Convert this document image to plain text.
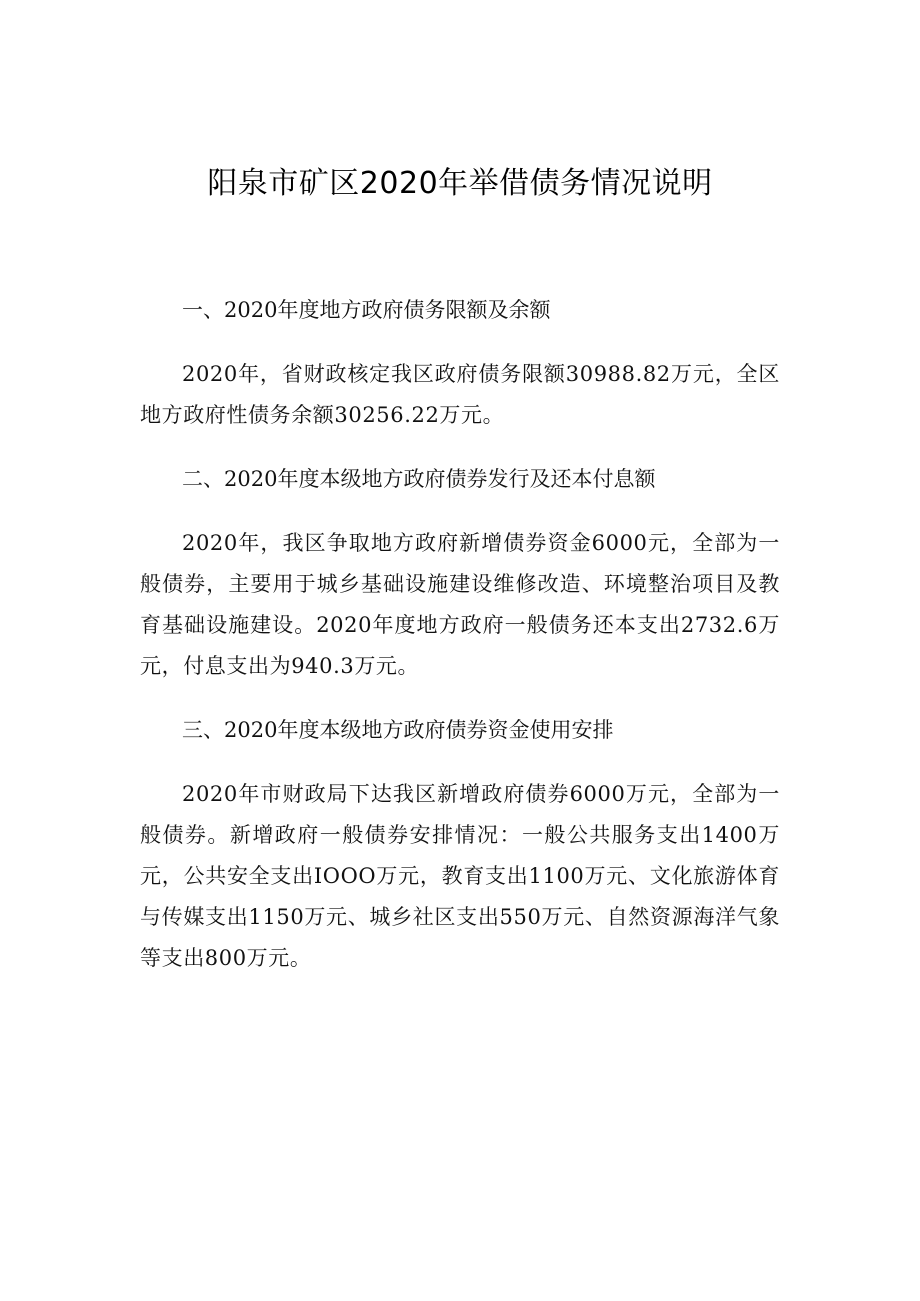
阳泉市矿区2020年举借债务情况说明

一、2020年度地方政府债务限额及余额

2020年，省财政核定我区政府债务限额30988.82万元，全区地方政府性债务余额30256.22万元。

二、2020年度本级地方政府债券发行及还本付息额

2020年，我区争取地方政府新增债券资金6000元，全部为一般债券，主要用于城乡基础设施建设维修改造、环境整治项目及教育基础设施建设。2020年度地方政府一般债务还本支出2732.6万元，付息支出为940.3万元。

三、2020年度本级地方政府债券资金使用安排

2020年市财政局下达我区新增政府债券6000万元，全部为一般债券。新增政府一般债券安排情况：一般公共服务支出1400万元，公共安全支出IOOO万元，教育支出1100万元、文化旅游体育与传媒支出1150万元、城乡社区支出550万元、自然资源海洋气象等支出800万元。
